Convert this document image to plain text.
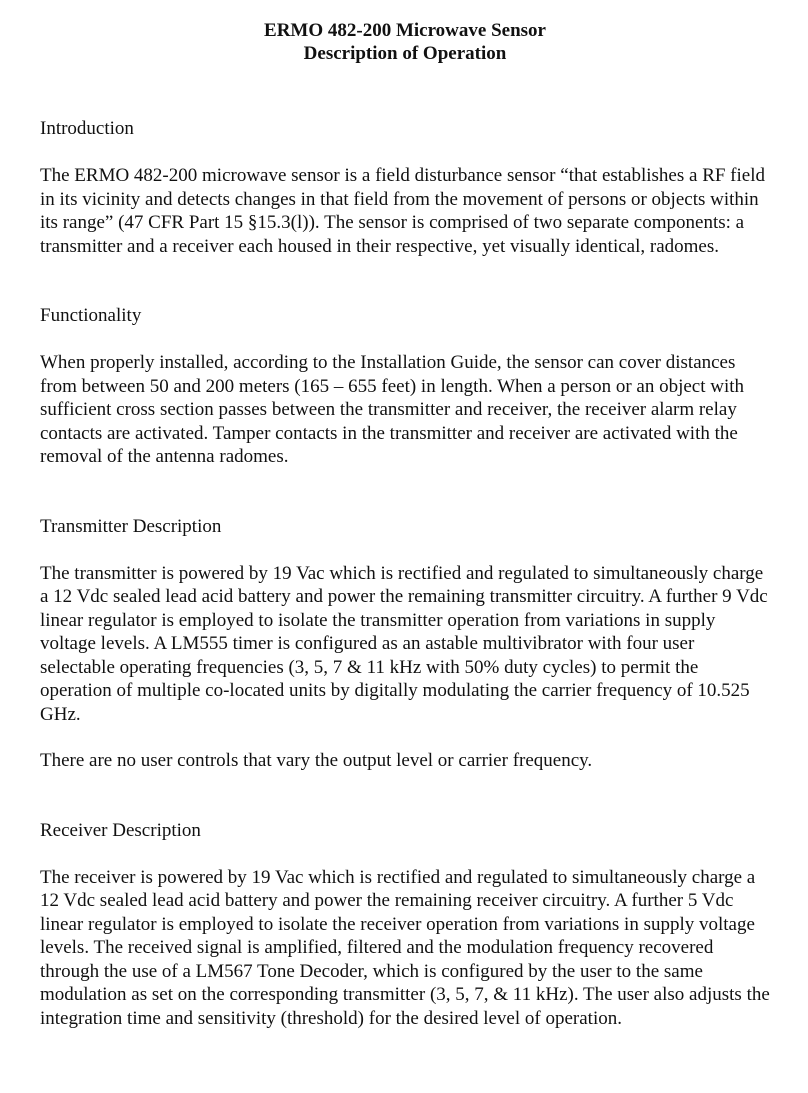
ERMO 482-200 Microwave Sensor
Description of Operation
Introduction

The ERMO 482-200 microwave sensor is a field disturbance sensor “that establishes a RF field in its vicinity and detects changes in that field from the movement of persons or objects within its range” (47 CFR Part 15 §15.3(l)). The sensor is comprised of two separate components: a transmitter and a receiver each housed in their respective, yet visually identical, radomes.

Functionality

When properly installed, according to the Installation Guide, the sensor can cover distances from between 50 and 200 meters (165 – 655 feet) in length. When a person or an object with sufficient cross section passes between the transmitter and receiver, the receiver alarm relay contacts are activated. Tamper contacts in the transmitter and receiver are activated with the removal of the antenna radomes.

Transmitter Description

The transmitter is powered by 19 Vac which is rectified and regulated to simultaneously charge a 12 Vdc sealed lead acid battery and power the remaining transmitter circuitry. A further 9 Vdc linear regulator is employed to isolate the transmitter operation from variations in supply voltage levels. A LM555 timer is configured as an astable multivibrator with four user selectable operating frequencies (3, 5, 7 & 11 kHz with 50% duty cycles) to permit the operation of multiple co-located units by digitally modulating the carrier frequency of 10.525 GHz.

There are no user controls that vary the output level or carrier frequency.

Receiver Description

The receiver is powered by 19 Vac which is rectified and regulated to simultaneously charge a 12 Vdc sealed lead acid battery and power the remaining receiver circuitry. A further 5 Vdc linear regulator is employed to isolate the receiver operation from variations in supply voltage levels. The received signal is amplified, filtered and the modulation frequency recovered through the use of a LM567 Tone Decoder, which is configured by the user to the same modulation as set on the corresponding transmitter (3, 5, 7, & 11 kHz). The user also adjusts the integration time and sensitivity (threshold) for the desired level of operation.
